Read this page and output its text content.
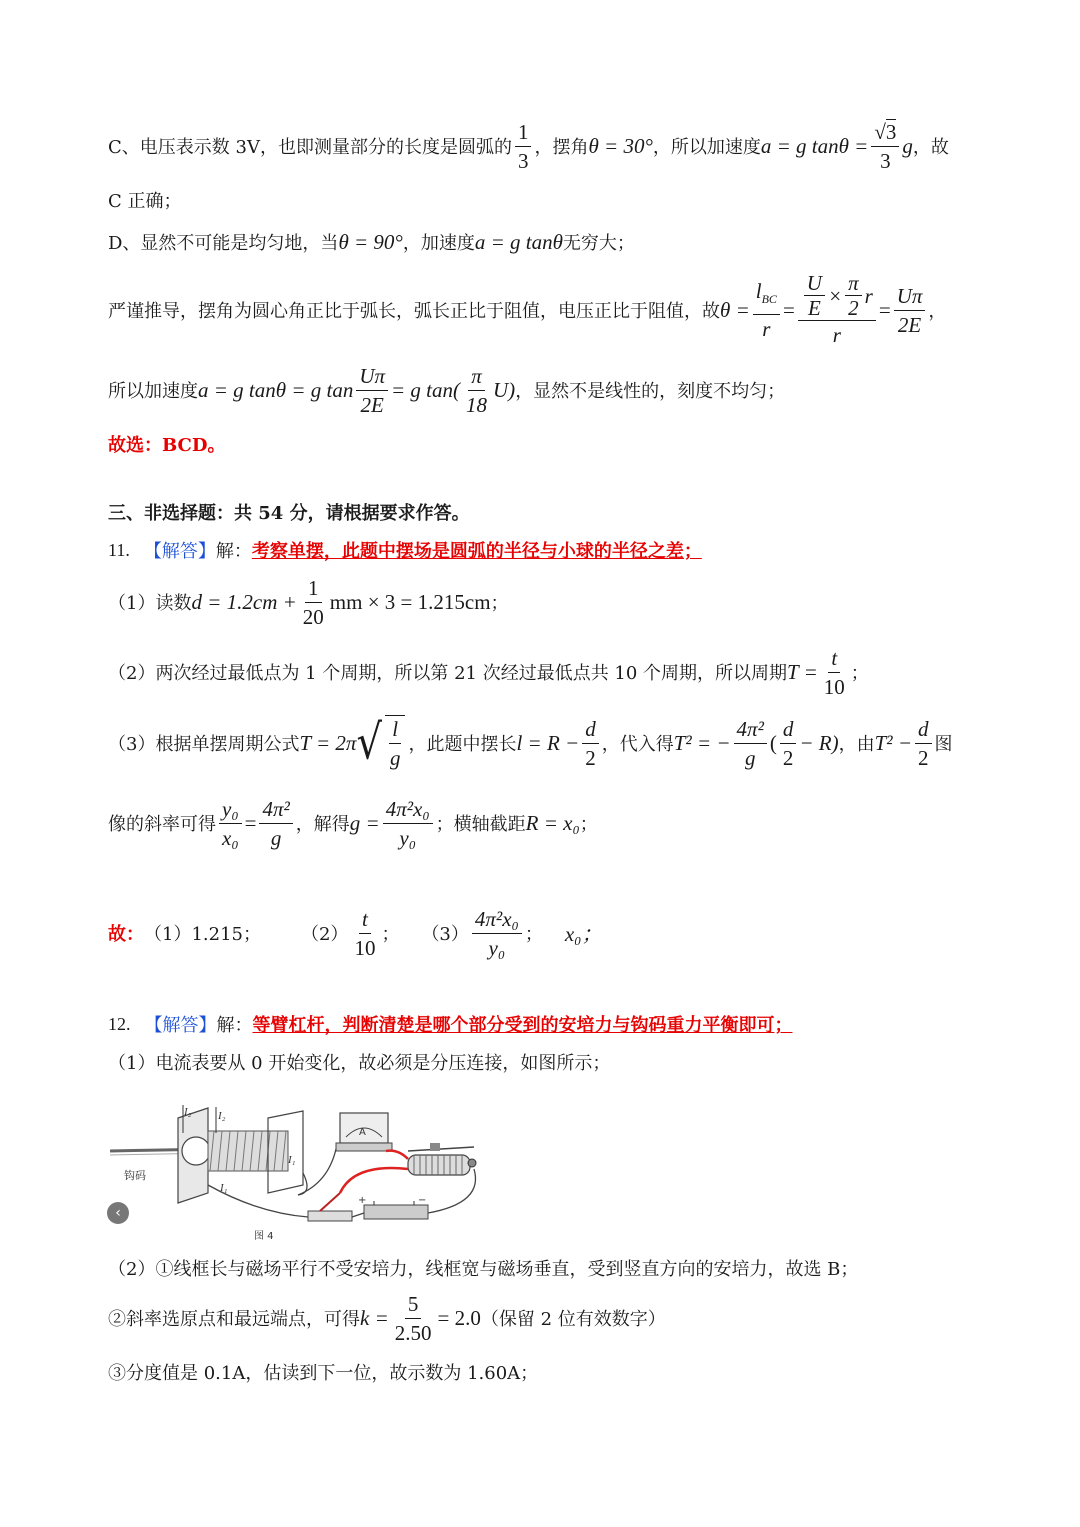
C、电压表示数 3V，也即测量部分的长度是圆弧的 $\frac{1}{3}$ ，摆角 θ = 30° ，所以加速度 a = g $\tan\theta = \frac{√3}{3}$ g ，故
C 正确；
D、显然不可能是均匀地，当 θ = 90° ，加速度 a = g tanθ 无穷大；
严谨推导，摆角为圆心角正比于弧长，弧长正比于阻值，电压正比于阻值，故 $\theta = \frac{l_{BC}}{r} = \frac{U}{E} \times \frac{\pi}{2}$ r
r
= $\frac{U\pi}{2E}$ ，
所以加速度 a = g tanθ = g $\tan \frac{U\pi}{2E} = g$ $\tan( \frac{\pi}{18} U)$ ，显然不是线性的，刻度不均匀；
故选：BCD。
三、非选择题：共 54 分，请根据要求作答。
11. 【解答】 解： 考察单摆，此题中摆场是圆弧的半径与小球的半径之差；
（1）读数 $d = 1.2cm + \frac{1}{20}$ mm × 3 = 1.215cm ；
（2）两次经过最低点为 1 个周期，所以第 21 次经过最低点共 10 个周期，所以周期 $T = \frac{t}{10}$ ；
（3）根据单摆周期公式 T = 2π √ $\frac{l}{g}$ ，此题中摆长 $l = R - \frac{d}{2}$ ，代入得 T² = − $\frac{\text{4π²}}{g}$ ( $\frac{d}{2} - R$) ，由 $T^2 - \frac{d}{2}$ 图
像的斜率可得 $\frac{\text{y₀}}{\text{x₀}} = \frac{\text{4π²}}{g}$ ，解得 $g = \frac{\text{4π²x₀}}{\text{y₀}}$ ；横轴截距 R = x₀ ；
故： （1）1.215； $(2) \frac{t}{10}$ ； $(3) \frac{\text{4π²x₀}}{\text{y₀}}$ ； x₀；
12. 【解答】 解： 等臂杠杆，判断清楚是哪个部分受到的安培力与钩码重力平衡即可；
（1）电流表要从 0 开始变化，故必须是分压连接，如图所示；
钩码
I₂ I₂
I₁
I₁
A
+	−
图 4
‹
（2）①线框长与磁场平行不受安培力，线框宽与磁场垂直，受到竖直方向的安培力，故选 B；
②斜率选原点和最远端点，可得 $k = \frac{5}{2.50} = 2.0$ （保留 2 位有效数字）
③分度值是 0.1A，估读到下一位，故示数为 1.60A；
